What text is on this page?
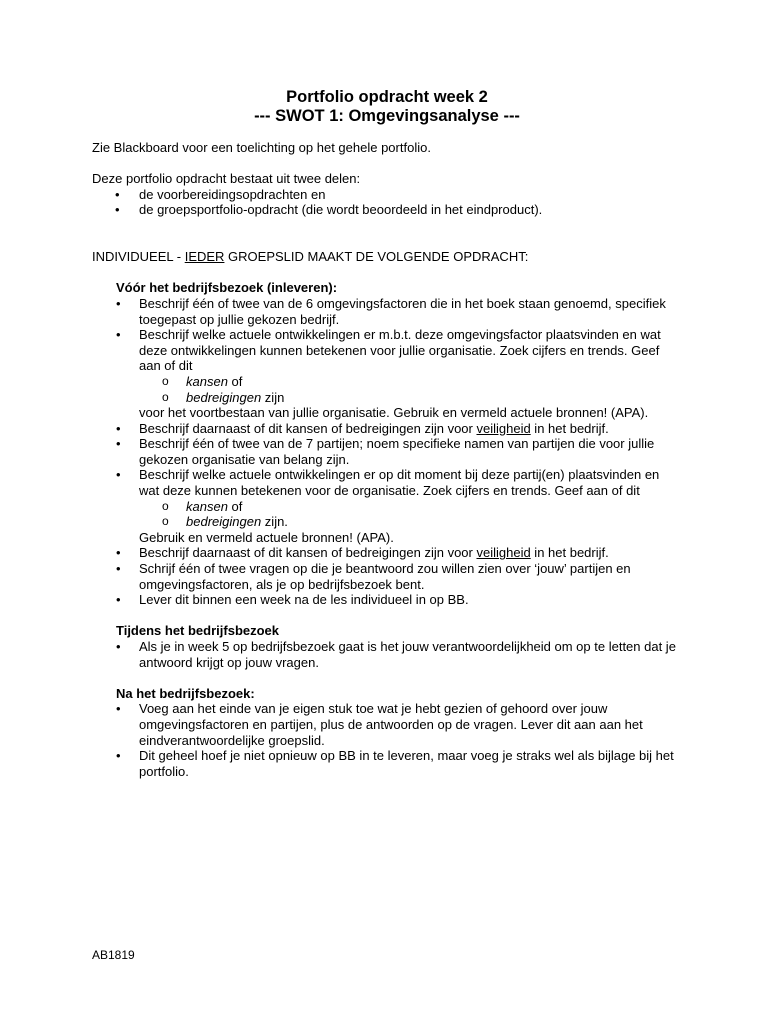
Portfolio opdracht week 2
--- SWOT 1: Omgevingsanalyse ---

Zie Blackboard voor een toelichting op het gehele portfolio.

Deze portfolio opdracht bestaat uit twee delen:

• de voorbereidingsopdrachten en
• de groepsportfolio-opdracht (die wordt beoordeeld in het eindproduct).

INDIVIDUEEL - IEDER GROEPSLID MAAKT DE VOLGENDE OPDRACHT:

Vóór het bedrijfsbezoek (inleveren):

• Beschrijf één of twee van de 6 omgevingsfactoren die in het boek staan genoemd, specifiek toegepast op jullie gekozen bedrijf.
• Beschrijf welke actuele ontwikkelingen er m.b.t. deze omgevingsfactor plaatsvinden en wat deze ontwikkelingen kunnen betekenen voor jullie organisatie. Zoek cijfers en trends. Geef aan of dit
o kansen of
o bedreigingen zijn
voor het voortbestaan van jullie organisatie. Gebruik en vermeld actuele bronnen! (APA).
• Beschrijf daarnaast of dit kansen of bedreigingen zijn voor veiligheid in het bedrijf.
• Beschrijf één of twee van de 7 partijen; noem specifieke namen van partijen die voor jullie gekozen organisatie van belang zijn.
• Beschrijf welke actuele ontwikkelingen er op dit moment bij deze partij(en) plaatsvinden en wat deze kunnen betekenen voor de organisatie. Zoek cijfers en trends. Geef aan of dit
o kansen of
o bedreigingen zijn.
Gebruik en vermeld actuele bronnen! (APA).
• Beschrijf daarnaast of dit kansen of bedreigingen zijn voor veiligheid in het bedrijf.
• Schrijf één of twee vragen op die je beantwoord zou willen zien over ‘jouw’ partijen en omgevingsfactoren, als je op bedrijfsbezoek bent.
• Lever dit binnen een week na de les individueel in op BB.

Tijdens het bedrijfsbezoek

• Als je in week 5 op bedrijfsbezoek gaat is het jouw verantwoordelijkheid om op te letten dat je antwoord krijgt op jouw vragen.

Na het bedrijfsbezoek:

• Voeg aan het einde van je eigen stuk toe wat je hebt gezien of gehoord over jouw omgevingsfactoren en partijen, plus de antwoorden op de vragen. Lever dit aan aan het eindverantwoordelijke groepslid.
• Dit geheel hoef je niet opnieuw op BB in te leveren, maar voeg je straks wel als bijlage bij het portfolio.
AB1819
